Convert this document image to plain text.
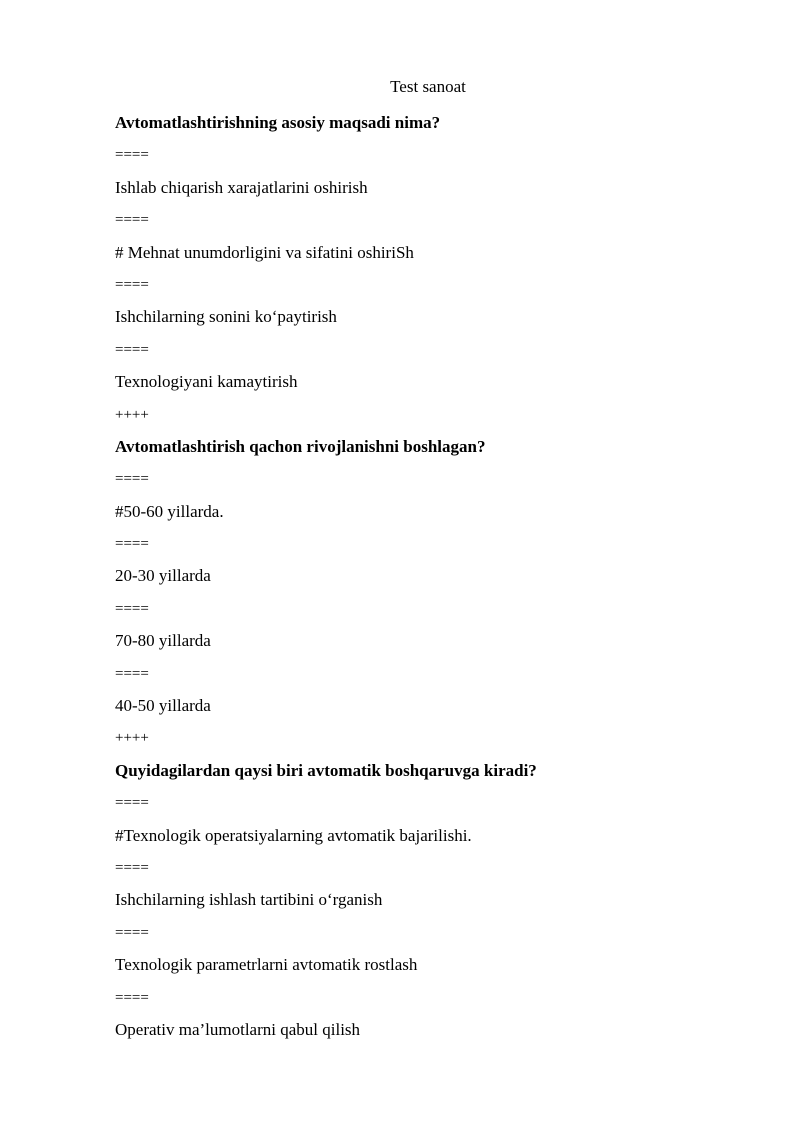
Test sanoat
Avtomatlashtirishning asosiy maqsadi nima?
====
Ishlab chiqarish xarajatlarini oshirish
====
# Mehnat unumdorligini va sifatini oshiriSh
====
Ishchilarning sonini ko‘paytirish
====
Texnologiyani kamaytirish
++++
Avtomatlashtirish qachon rivojlanishni boshlagan?
====
#50-60 yillarda.
====
20-30 yillarda
====
70-80 yillarda
====
40-50 yillarda
++++
Quyidagilardan qaysi biri avtomatik boshqaruvga kiradi?
====
#Texnologik operatsiyalarning avtomatik bajarilishi.
====
Ishchilarning ishlash tartibini o‘rganish
====
Texnologik parametrlarni avtomatik rostlash
====
Operativ ma’lumotlarni qabul qilish
